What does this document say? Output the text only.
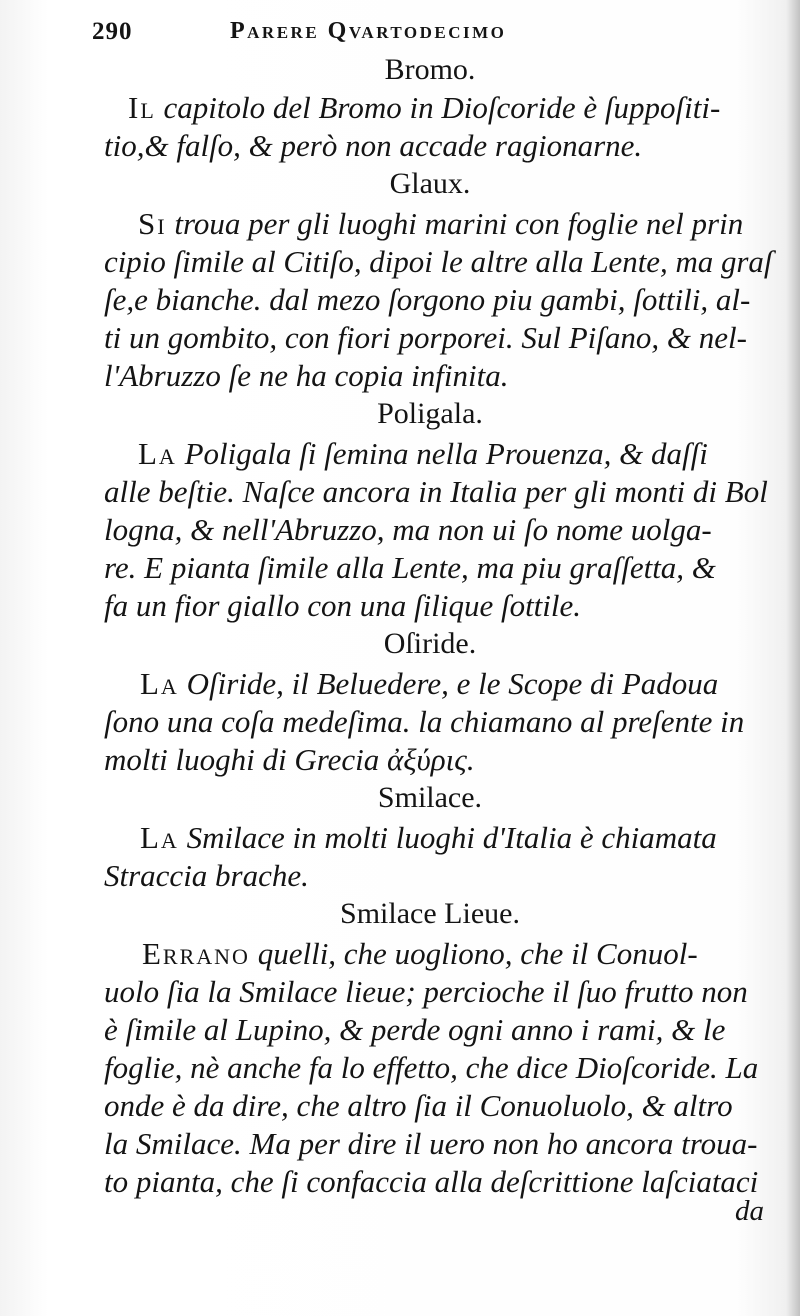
290	Parere Qvartodecimo
Bromo.
Il capitolo del Bromo in Dioſcoride è ſuppoſiti-
tio,& falſo, & però non accade ragionarne.
Glaux.
Si troua per gli luoghi marini con foglie nel prin
cipio ſimile al Citiſo, dipoi le altre alla Lente, ma graſ
ſe,e bianche. dal mezo ſorgono piu gambi, ſottili, al-
ti un gombito, con fiori porporei. Sul Piſano, & nel-
l'Abruzzo ſe ne ha copia infinita.
Poligala.
La Poligala ſi ſemina nella Prouenza, & daſſi
alle beſtie. Naſce ancora in Italia per gli monti di Bol
logna, & nell'Abruzzo, ma non ui ſo nome uolga-
re. E pianta ſimile alla Lente, ma piu graſſetta, &
fa un fior giallo con una ſilique ſottile.
Oſiride.
La Oſiride, il Beluedere, e le Scope di Padoua
ſono una coſa medeſima. la chiamano al preſente in
molti luoghi di Grecia ἀξύρις.
Smilace.
La Smilace in molti luoghi d'Italia è chiamata
Straccia brache.
Smilace Lieue.
Errano quelli, che uogliono, che il Conuol-
uolo ſia la Smilace lieue; percioche il ſuo frutto non
è ſimile al Lupino, & perde ogni anno i rami, & le
foglie, nè anche fa lo effetto, che dice Dioſcoride. La
onde è da dire, che altro ſia il Conuoluolo, & altro
la Smilace. Ma per dire il uero non ho ancora troua-
to pianta, che ſi confaccia alla deſcrittione laſciataci
da
